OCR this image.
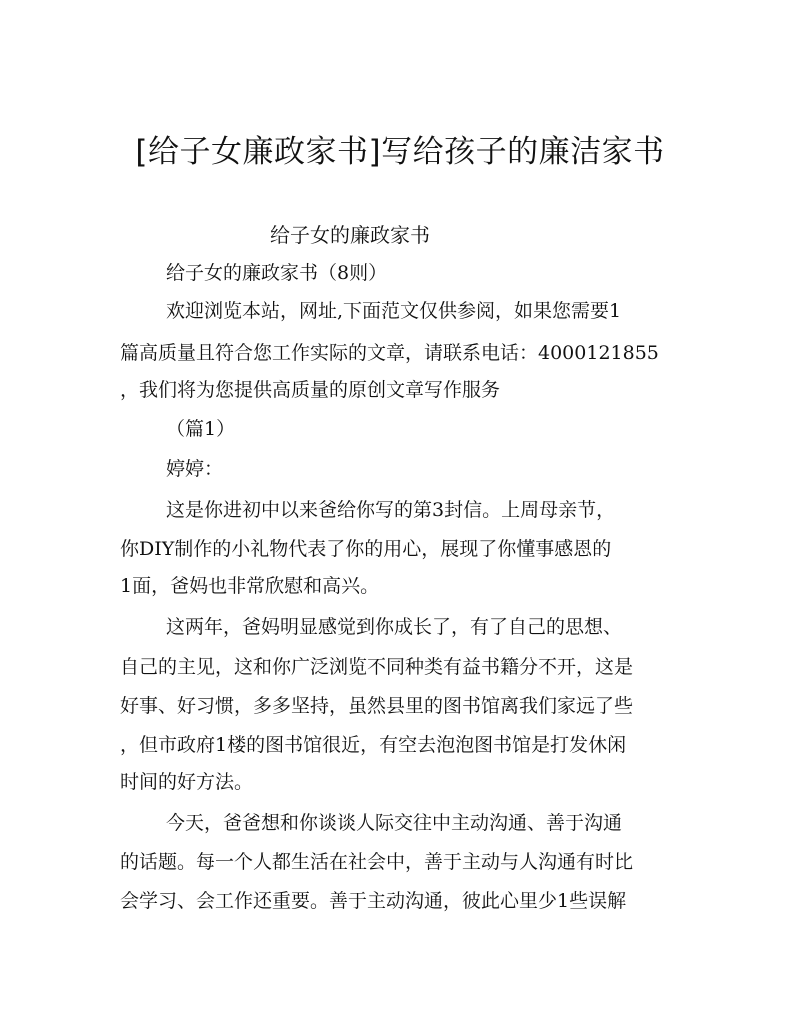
[给子女廉政家书]写给孩子的廉洁家书
给子女的廉政家书
给子女的廉政家书（8则）
欢迎浏览本站，网址,下面范文仅供参阅，如果您需要1
篇高质量且符合您工作实际的文章，请联系电话：4000121855
，我们将为您提供高质量的原创文章写作服务
（篇1）
婷婷：
这是你进初中以来爸给你写的第3封信。上周母亲节，
你DIY制作的小礼物代表了你的用心，展现了你懂事感恩的
1面，爸妈也非常欣慰和高兴。
这两年，爸妈明显感觉到你成长了，有了自己的思想、
自己的主见，这和你广泛浏览不同种类有益书籍分不开，这是
好事、好习惯，多多坚持，虽然县里的图书馆离我们家远了些
，但市政府1楼的图书馆很近，有空去泡泡图书馆是打发休闲
时间的好方法。
今天，爸爸想和你谈谈人际交往中主动沟通、善于沟通
的话题。每一个人都生活在社会中，善于主动与人沟通有时比
会学习、会工作还重要。善于主动沟通，彼此心里少1些误解
